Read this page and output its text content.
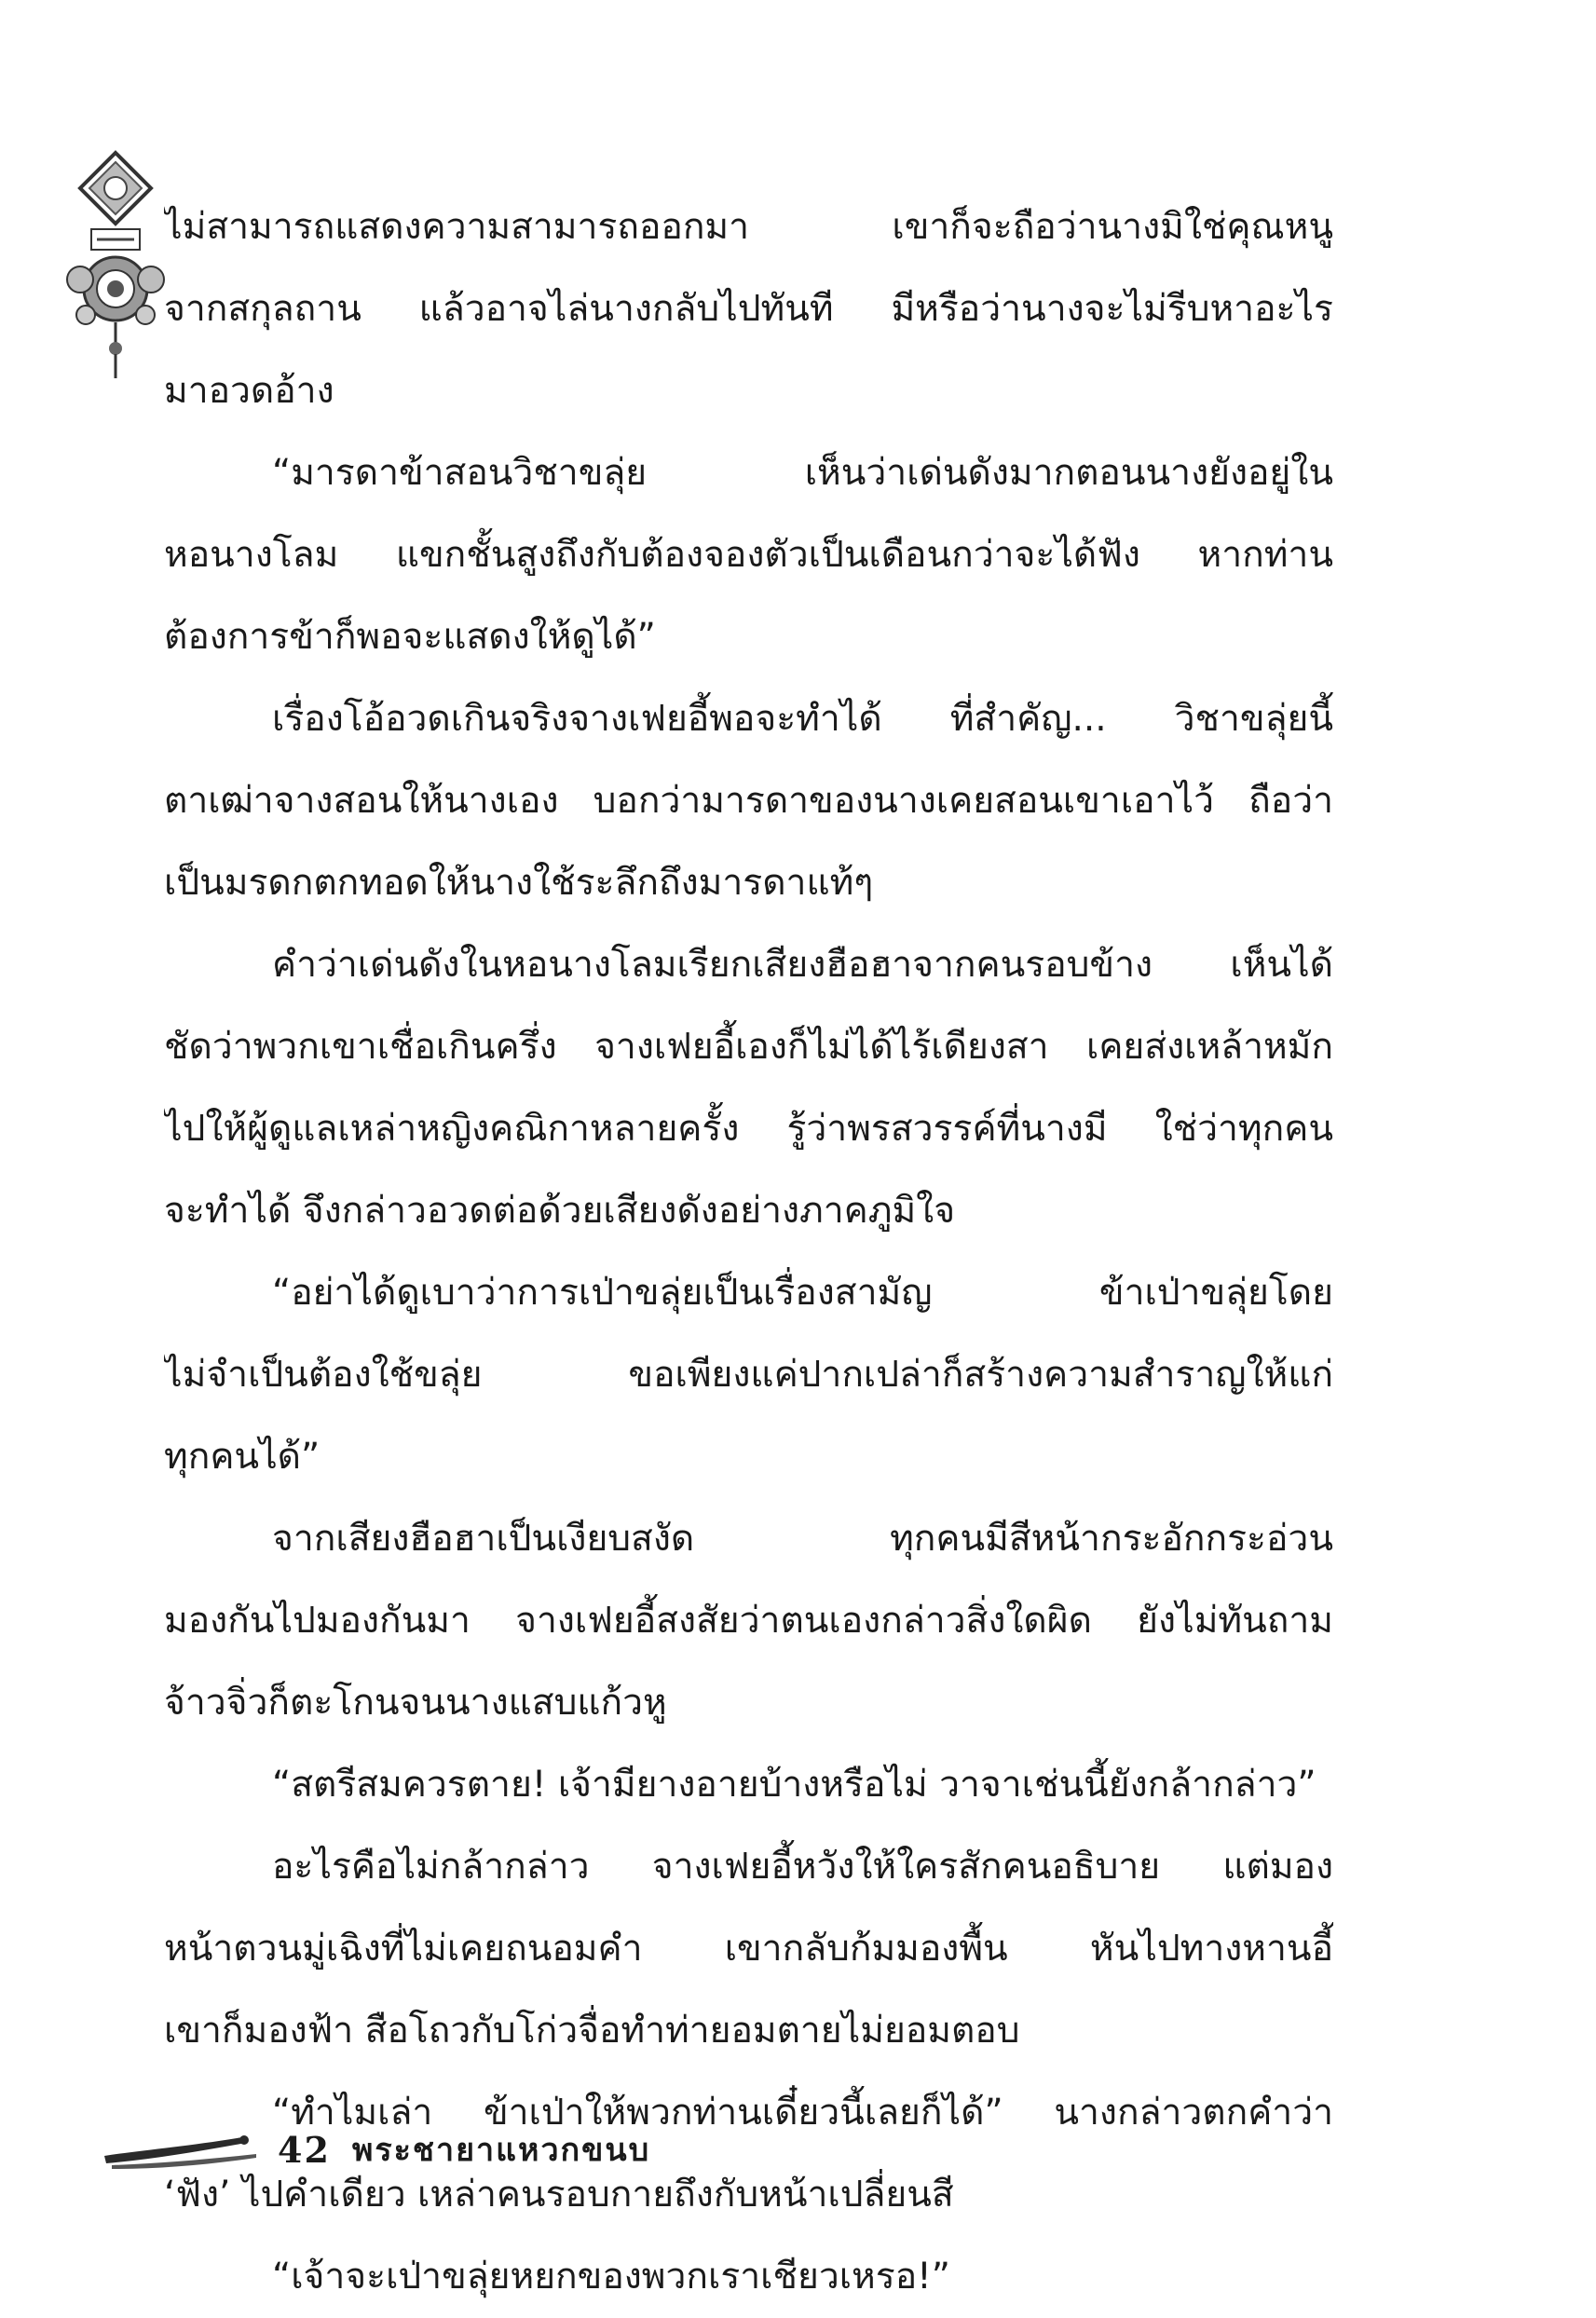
ไม่สามารถแสดงความสามารถออกมา เขาก็จะถือว่านางมิใช่คุณหนู
จากสกุลถาน แล้วอาจไล่นางกลับไปทันที มีหรือว่านางจะไม่รีบหาอะไร
มาอวดอ้าง
“มารดาข้าสอนวิชาขลุ่ย เห็นว่าเด่นดังมากตอนนางยังอยู่ใน
หอนางโลม แขกชั้นสูงถึงกับต้องจองตัวเป็นเดือนกว่าจะได้ฟัง หากท่าน
ต้องการข้าก็พอจะแสดงให้ดูได้”
เรื่องโอ้อวดเกินจริงจางเฟยอี้พอจะทำได้ ที่สำคัญ... วิชาขลุ่ยนี้
ตาเฒ่าจางสอนให้นางเอง บอกว่ามารดาของนางเคยสอนเขาเอาไว้ ถือว่า
เป็นมรดกตกทอดให้นางใช้ระลึกถึงมารดาแท้ๆ
คำว่าเด่นดังในหอนางโลมเรียกเสียงฮือฮาจากคนรอบข้าง เห็นได้
ชัดว่าพวกเขาเชื่อเกินครึ่ง จางเฟยอี้เองก็ไม่ได้ไร้เดียงสา เคยส่งเหล้าหมัก
ไปให้ผู้ดูแลเหล่าหญิงคณิกาหลายครั้ง รู้ว่าพรสวรรค์ที่นางมี ใช่ว่าทุกคน
จะทำได้ จึงกล่าวอวดต่อด้วยเสียงดังอย่างภาคภูมิใจ
“อย่าได้ดูเบาว่าการเป่าขลุ่ยเป็นเรื่องสามัญ ข้าเป่าขลุ่ยโดย
ไม่จำเป็นต้องใช้ขลุ่ย ขอเพียงแค่ปากเปล่าก็สร้างความสำราญให้แก่
ทุกคนได้”
จากเสียงฮือฮาเป็นเงียบสงัด ทุกคนมีสีหน้ากระอักกระอ่วน
มองกันไปมองกันมา จางเฟยอี้สงสัยว่าตนเองกล่าวสิ่งใดผิด ยังไม่ทันถาม
จ้าวจิ่วก็ตะโกนจนนางแสบแก้วหู
“สตรีสมควรตาย! เจ้ามียางอายบ้างหรือไม่ วาจาเช่นนี้ยังกล้ากล่าว”
อะไรคือไม่กล้ากล่าว จางเฟยอี้หวังให้ใครสักคนอธิบาย แต่มอง
หน้าตวนมู่เฉิงที่ไม่เคยถนอมคำ เขากลับก้มมองพื้น หันไปทางหานอี้
เขาก็มองฟ้า สือโถวกับโก่วจื่อทำท่ายอมตายไม่ยอมตอบ
“ทำไมเล่า ข้าเป่าให้พวกท่านเดี๋ยวนี้เลยก็ได้” นางกล่าวตกคำว่า
‘ฟัง’ ไปคำเดียว เหล่าคนรอบกายถึงกับหน้าเปลี่ยนสี
“เจ้าจะเป่าขลุ่ยหยกของพวกเราเชียวเหรอ!”
42 พระชายาแหวกขนบ
